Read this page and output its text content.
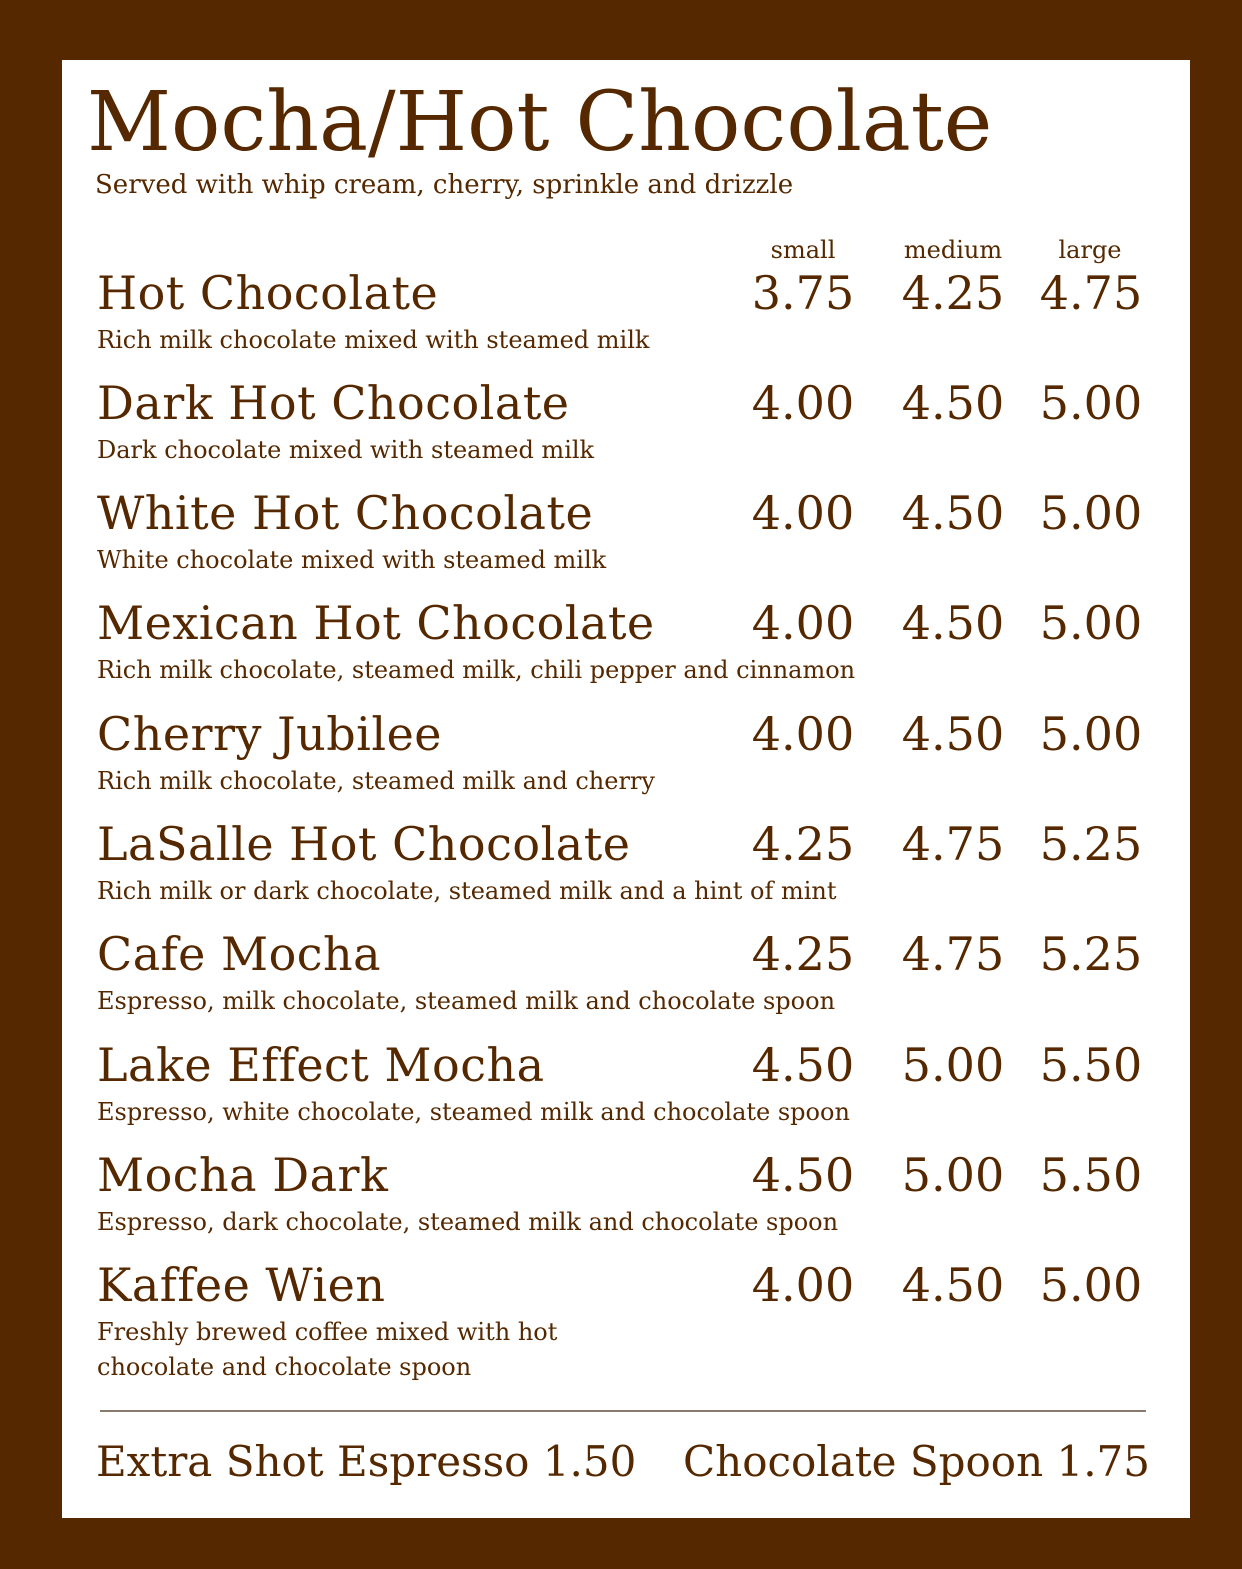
Mocha/Hot Chocolate
Served with whip cream, cherry, sprinkle and drizzle
small	medium large
Hot Chocolate
Rich milk chocolate mixed with steamed milk
3.75 4.25 4.75
Dark Hot Chocolate
Dark chocolate mixed with steamed milk
4.00 4.50 5.00
White Hot Chocolate
White chocolate mixed with steamed milk
4.00 4.50 5.00
Mexican Hot Chocolate
Rich milk chocolate, steamed milk, chili pepper and cinnamon
4.00 4.50 5.00
Cherry Jubilee
Rich milk chocolate, steamed milk and cherry
4.00 4.50 5.00
LaSalle Hot Chocolate
Rich milk or dark chocolate, steamed milk and a hint of mint
4.25 4.75 5.25
Cafe Mocha
Espresso, milk chocolate, steamed milk and chocolate spoon
4.25 4.75 5.25
Lake Effect Mocha
Espresso, white chocolate, steamed milk and chocolate spoon
4.50 5.00 5.50
Mocha Dark
Espresso, dark chocolate, steamed milk and chocolate spoon
4.50 5.00 5.50
Kaffee Wien
Freshly brewed coffee mixed with hot chocolate and chocolate spoon
4.00 4.50 5.00
Extra Shot Espresso 1.50 Chocolate Spoon 1.75
